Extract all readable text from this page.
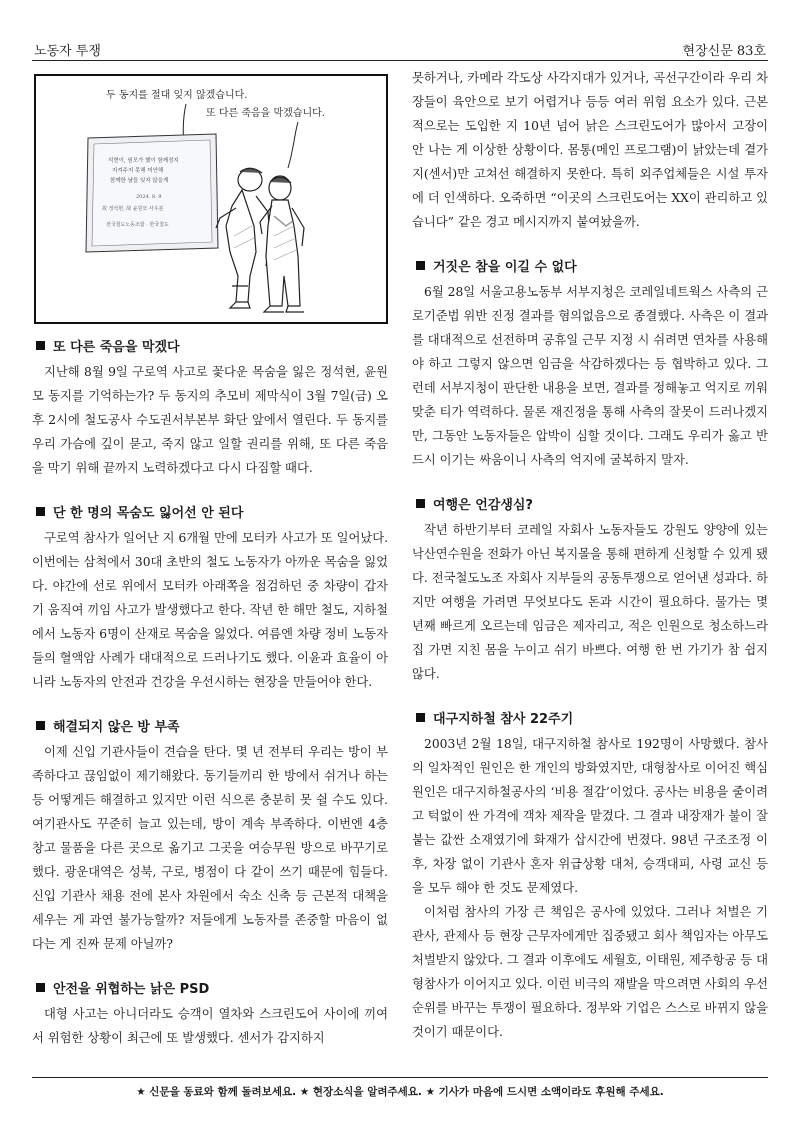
노동자 투쟁	현장신문 83호
두 동지를 절대 잊지 않겠습니다.
또 다른 죽음을 막겠습니다.
석현이, 원모가 했이 함께정지
지켜주지 못해 미안해
함께한 날들 잊지 않을게
2024. 8. 9
故 정석현, 故 윤원모 사우분
전국철도노동조합 · 한국철도
또 다른 죽음을 막겠다

지난해 8월 9일 구로역 사고로 꽃다운 목숨을 잃은 정석현, 윤원모 동지를 기억하는가? 두 동지의 추모비 제막식이 3월 7일(금) 오후 2시에 철도공사 수도권서부본부 화단 앞에서 열린다. 두 동지를 우리 가슴에 깊이 묻고, 죽지 않고 일할 권리를 위해, 또 다른 죽음을 막기 위해 끝까지 노력하겠다고 다시 다짐할 때다.

단 한 명의 목숨도 잃어선 안 된다

구로역 참사가 일어난 지 6개월 만에 모터카 사고가 또 일어났다. 이번에는 삼척에서 30대 초반의 철도 노동자가 아까운 목숨을 잃었다. 야간에 선로 위에서 모터카 아래쪽을 점검하던 중 차량이 갑자기 움직여 끼임 사고가 발생했다고 한다. 작년 한 해만 철도, 지하철에서 노동자 6명이 산재로 목숨을 잃었다. 여름엔 차량 정비 노동자들의 혈액암 사례가 대대적으로 드러나기도 했다. 이윤과 효율이 아니라 노동자의 안전과 건강을 우선시하는 현장을 만들어야 한다.

해결되지 않은 방 부족

이제 신입 기관사들이 견습을 탄다. 몇 년 전부터 우리는 방이 부족하다고 끊임없이 제기해왔다. 동기들끼리 한 방에서 쉬거나 하는 등 어떻게든 해결하고 있지만 이런 식으론 충분히 못 쉴 수도 있다. 여기관사도 꾸준히 늘고 있는데, 방이 계속 부족하다. 이번엔 4층 창고 물품을 다른 곳으로 옮기고 그곳을 여승무원 방으로 바꾸기로 했다. 광운대역은 성북, 구로, 병점이 다 같이 쓰기 때문에 힘들다. 신입 기관사 채용 전에 본사 차원에서 숙소 신축 등 근본적 대책을 세우는 게 과연 불가능할까? 저들에게 노동자를 존중할 마음이 없다는 게 진짜 문제 아닐까?

안전을 위협하는 낡은 PSD

대형 사고는 아니더라도 승객이 열차와 스크린도어 사이에 끼여서 위험한 상황이 최근에 또 발생했다. 센서가 감지하지

못하거나, 카메라 각도상 사각지대가 있거나, 곡선구간이라 우리 차장들이 육안으로 보기 어렵거나 등등 여러 위험 요소가 있다. 근본적으로는 도입한 지 10년 넘어 낡은 스크린도어가 많아서 고장이 안 나는 게 이상한 상황이다. 몸통(메인 프로그램)이 낡았는데 곁가지(센서)만 고쳐선 해결하지 못한다. 특히 외주업체들은 시설 투자에 더 인색하다. 오죽하면 “이곳의 스크린도어는 XX이 관리하고 있습니다” 같은 경고 메시지까지 붙여놨을까.

거짓은 참을 이길 수 없다

6월 28일 서울고용노동부 서부지청은 코레일네트웍스 사측의 근로기준법 위반 진정 결과를 혐의없음으로 종결했다. 사측은 이 결과를 대대적으로 선전하며 공휴일 근무 지정 시 쉬려면 연차를 사용해야 하고 그렇지 않으면 임금을 삭감하겠다는 등 협박하고 있다. 그런데 서부지청이 판단한 내용을 보면, 결과를 정해놓고 억지로 끼워 맞춘 티가 역력하다. 물론 재진정을 통해 사측의 잘못이 드러나겠지만, 그동안 노동자들은 압박이 심할 것이다. 그래도 우리가 옳고 반드시 이기는 싸움이니 사측의 억지에 굴복하지 말자.

여행은 언감생심?

작년 하반기부터 코레일 자회사 노동자들도 강원도 양양에 있는 낙산연수원을 전화가 아닌 복지몰을 통해 편하게 신청할 수 있게 됐다. 전국철도노조 자회사 지부들의 공동투쟁으로 얻어낸 성과다. 하지만 여행을 가려면 무엇보다도 돈과 시간이 필요하다. 물가는 몇 년째 빠르게 오르는데 임금은 제자리고, 적은 인원으로 청소하느라 집 가면 지친 몸을 누이고 쉬기 바쁘다. 여행 한 번 가기가 참 쉽지 않다.

대구지하철 참사 22주기

2003년 2월 18일, 대구지하철 참사로 192명이 사망했다. 참사의 일차적인 원인은 한 개인의 방화였지만, 대형참사로 이어진 핵심 원인은 대구지하철공사의 ‘비용 절감’이었다. 공사는 비용을 줄이려고 턱없이 싼 가격에 객차 제작을 맡겼다. 그 결과 내장재가 불이 잘 붙는 값싼 소재였기에 화재가 삽시간에 번졌다. 98년 구조조정 이후, 차장 없이 기관사 혼자 위급상황 대처, 승객대피, 사령 교신 등을 모두 해야 한 것도 문제였다.

이처럼 참사의 가장 큰 책임은 공사에 있었다. 그러나 처벌은 기관사, 관제사 등 현장 근무자에게만 집중됐고 회사 책임자는 아무도 처벌받지 않았다. 그 결과 이후에도 세월호, 이태원, 제주항공 등 대형참사가 이어지고 있다. 이런 비극의 재발을 막으려면 사회의 우선순위를 바꾸는 투쟁이 필요하다. 정부와 기업은 스스로 바뀌지 않을 것이기 때문이다.

★ 신문을 동료와 함께 돌려보세요. ★ 현장소식을 알려주세요. ★ 기사가 마음에 드시면 소액이라도 후원해 주세요.
